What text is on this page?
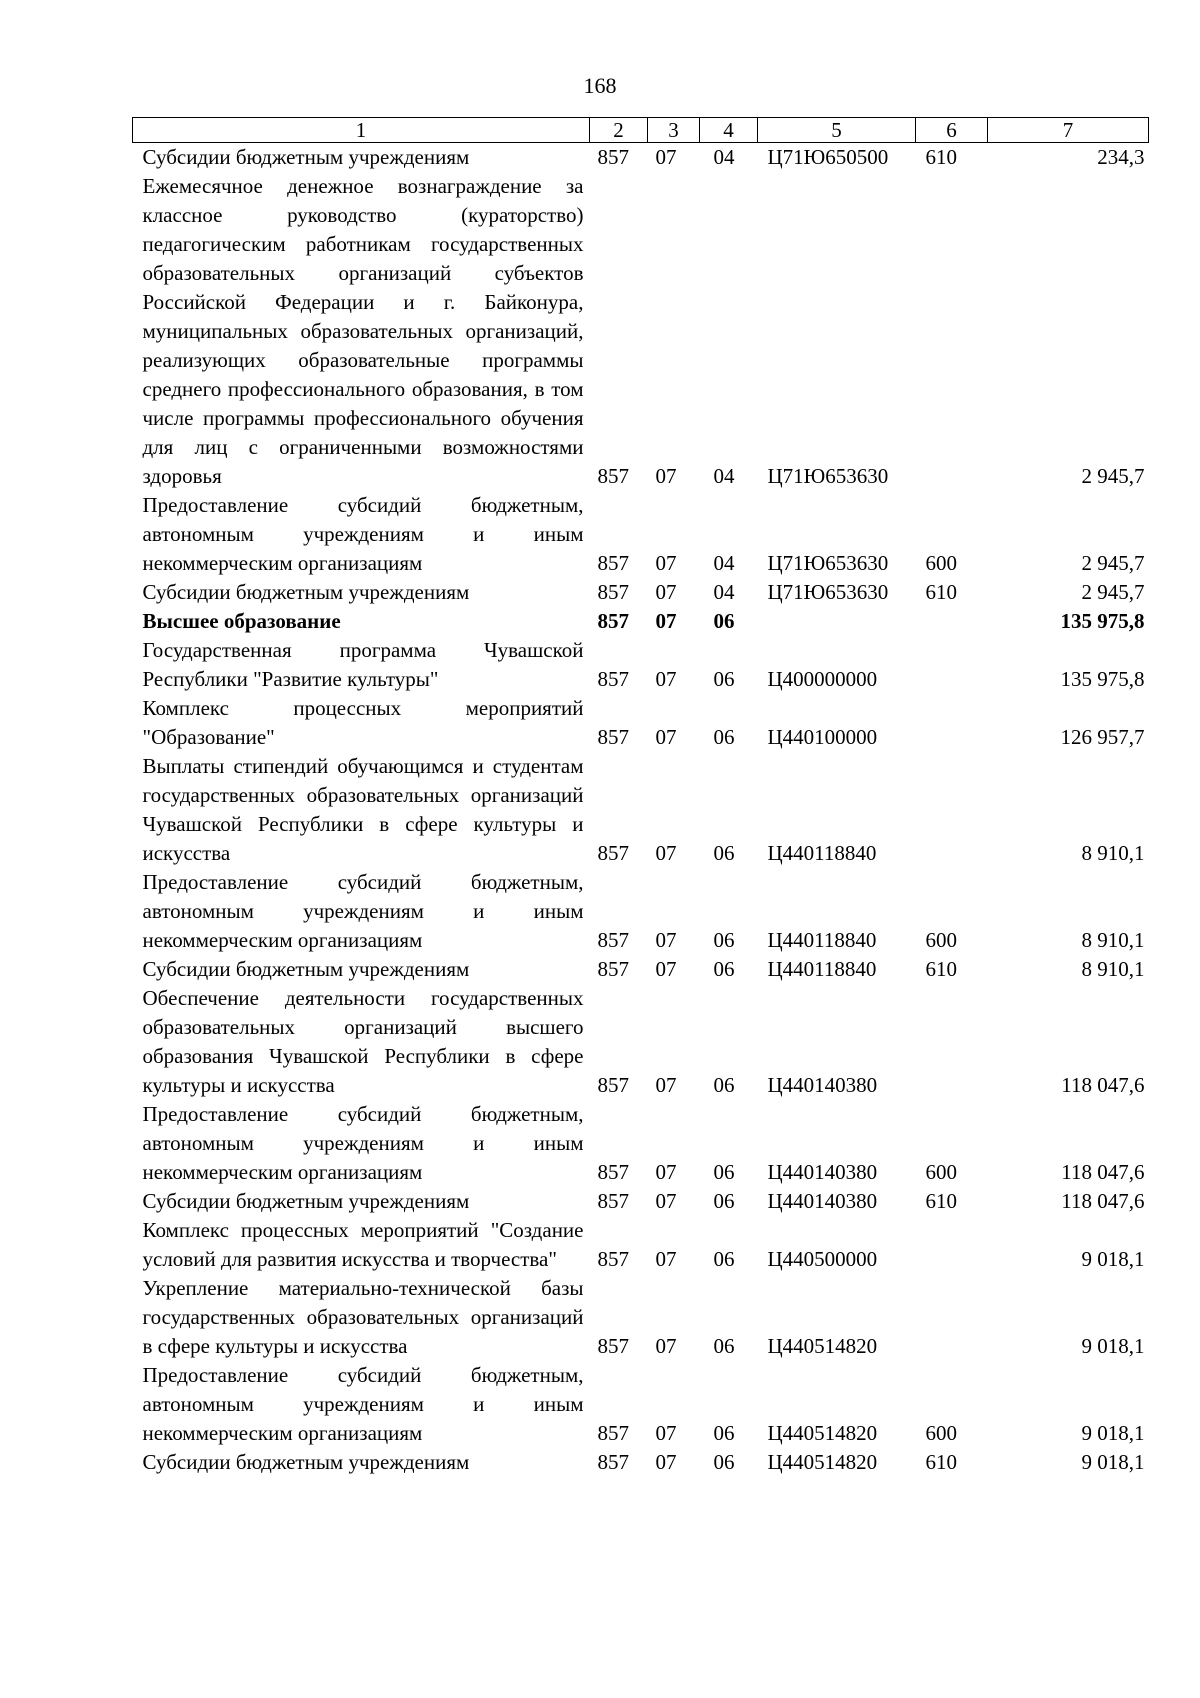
168
1	2	3	4	5	6	7
Субсидии бюджетным учреждениям	857	07	04	Ц71Ю650500	610	234,3
Ежемесячное денежное вознаграждение за классное руководство (кураторство) педагогическим работникам государственных образовательных организаций субъектов Российской Федерации и г. Байконура, муниципальных образовательных организаций, реализующих образовательные программы среднего профессионального образования, в том числе программы профессионального обучения для лиц с ограниченными возможностями здоровья	857	07	04	Ц71Ю653630		2 945,7
Предоставление субсидий бюджетным, автономным учреждениям и иным некоммерческим организациям	857	07	04	Ц71Ю653630	600	2 945,7
Субсидии бюджетным учреждениям	857	07	04	Ц71Ю653630	610	2 945,7
Высшее образование	857	07	06			135 975,8
Государственная программа Чувашской Республики "Развитие культуры"	857	07	06	Ц400000000		135 975,8
Комплекс процессных мероприятий "Образование"	857	07	06	Ц440100000		126 957,7
Выплаты стипендий обучающимся и студентам государственных образовательных организаций Чувашской Республики в сфере культуры и искусства	857	07	06	Ц440118840		8 910,1
Предоставление субсидий бюджетным, автономным учреждениям и иным некоммерческим организациям	857	07	06	Ц440118840	600	8 910,1
Субсидии бюджетным учреждениям	857	07	06	Ц440118840	610	8 910,1
Обеспечение деятельности государственных образовательных организаций высшего образования Чувашской Республики в сфере культуры и искусства	857	07	06	Ц440140380		118 047,6
Предоставление субсидий бюджетным, автономным учреждениям и иным некоммерческим организациям	857	07	06	Ц440140380	600	118 047,6
Субсидии бюджетным учреждениям	857	07	06	Ц440140380	610	118 047,6
Комплекс процессных мероприятий "Создание условий для развития искусства и творчества"	857	07	06	Ц440500000		9 018,1
Укрепление материально-технической базы государственных образовательных организаций в сфере культуры и искусства	857	07	06	Ц440514820		9 018,1
Предоставление субсидий бюджетным, автономным учреждениям и иным некоммерческим организациям	857	07	06	Ц440514820	600	9 018,1
Субсидии бюджетным учреждениям	857	07	06	Ц440514820	610	9 018,1
